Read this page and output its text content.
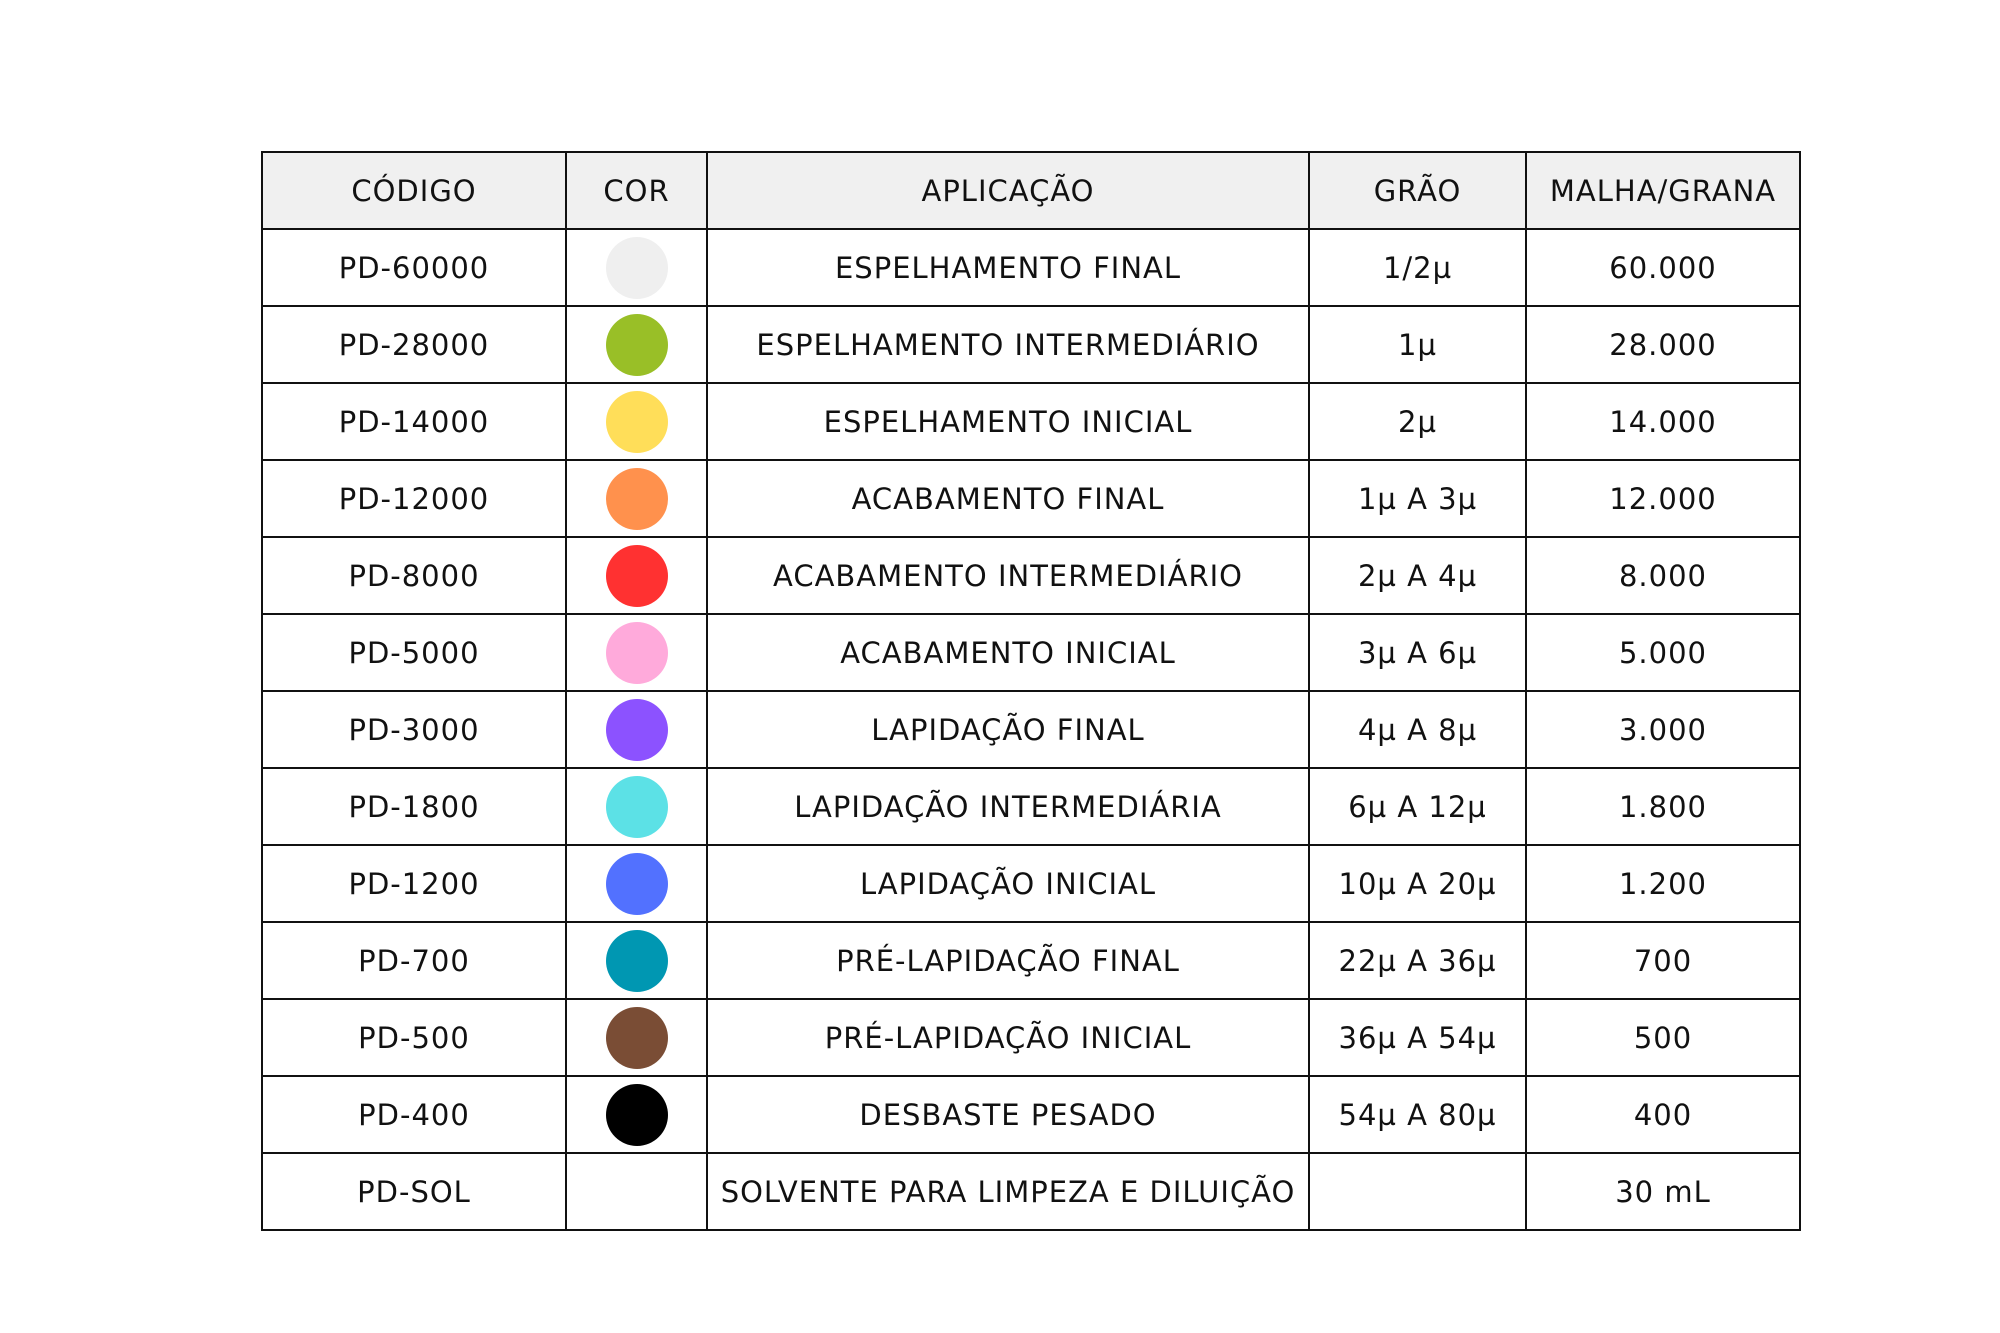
CÓDIGO	COR	APLICAÇÃO	GRÃO	MALHA/GRANA
PD-60000		ESPELHAMENTO FINAL	1/2µ	60.000
PD-28000		ESPELHAMENTO INTERMEDIÁRIO	1µ	28.000
PD-14000		ESPELHAMENTO INICIAL	2µ	14.000
PD-12000		ACABAMENTO FINAL	1µ A 3µ	12.000
PD-8000		ACABAMENTO INTERMEDIÁRIO	2µ A 4µ	8.000
PD-5000		ACABAMENTO INICIAL	3µ A 6µ	5.000
PD-3000		LAPIDAÇÃO FINAL	4µ A 8µ	3.000
PD-1800		LAPIDAÇÃO INTERMEDIÁRIA	6µ A 12µ	1.800
PD-1200		LAPIDAÇÃO INICIAL	10µ A 20µ	1.200
PD-700		PRÉ-LAPIDAÇÃO FINAL	22µ A 36µ	700
PD-500		PRÉ-LAPIDAÇÃO INICIAL	36µ A 54µ	500
PD-400		DESBASTE PESADO	54µ A 80µ	400
PD-SOL		SOLVENTE PARA LIMPEZA E DILUIÇÃO		30 mL
